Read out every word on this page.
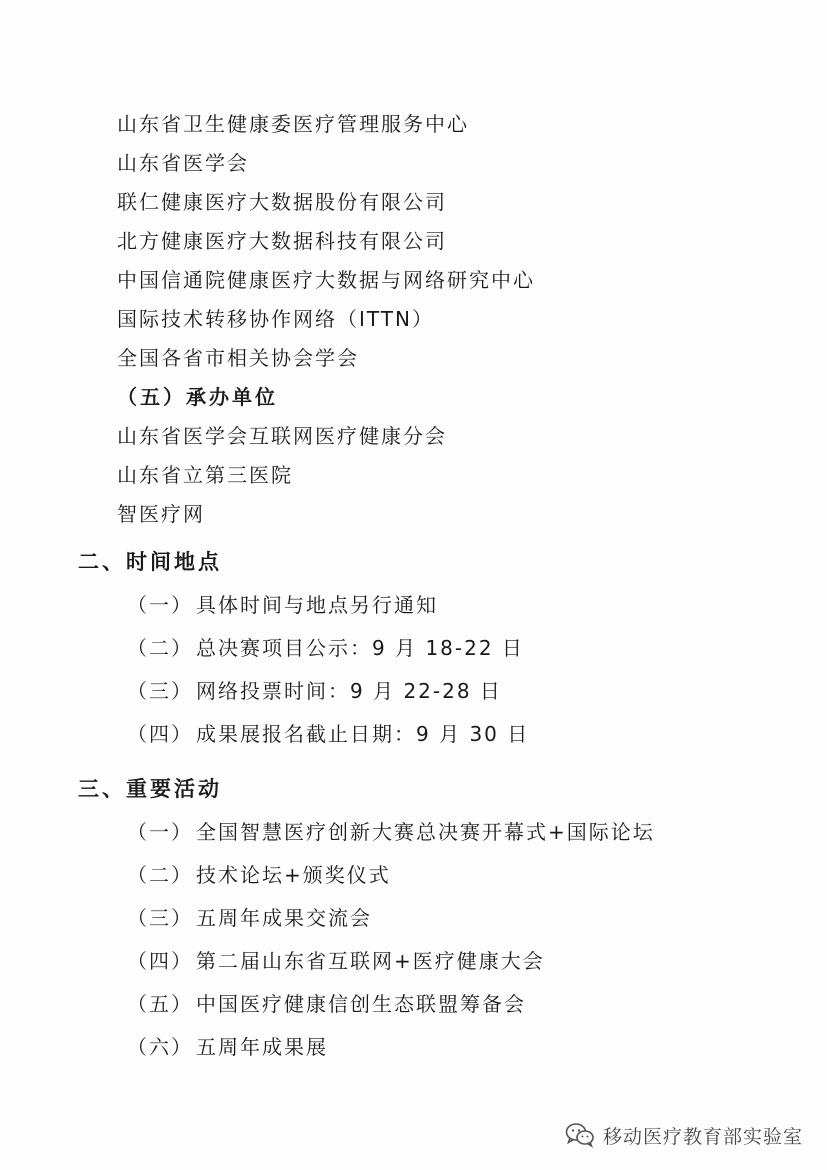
山东省卫生健康委医疗管理服务中心
山东省医学会
联仁健康医疗大数据股份有限公司
北方健康医疗大数据科技有限公司
中国信通院健康医疗大数据与网络研究中心
国际技术转移协作网络（ITTN）
全国各省市相关协会学会
（五）承办单位
山东省医学会互联网医疗健康分会
山东省立第三医院
智医疗网
二、时间地点
（一） 具体时间与地点另行通知
（二） 总决赛项目公示：9 月 18-22 日
（三） 网络投票时间：9 月 22-28 日
（四） 成果展报名截止日期：9 月 30 日
三、重要活动
（一） 全国智慧医疗创新大赛总决赛开幕式+国际论坛
（二） 技术论坛+颁奖仪式
（三） 五周年成果交流会
（四） 第二届山东省互联网+医疗健康大会
（五） 中国医疗健康信创生态联盟筹备会
（六） 五周年成果展
移动医疗教育部实验室
